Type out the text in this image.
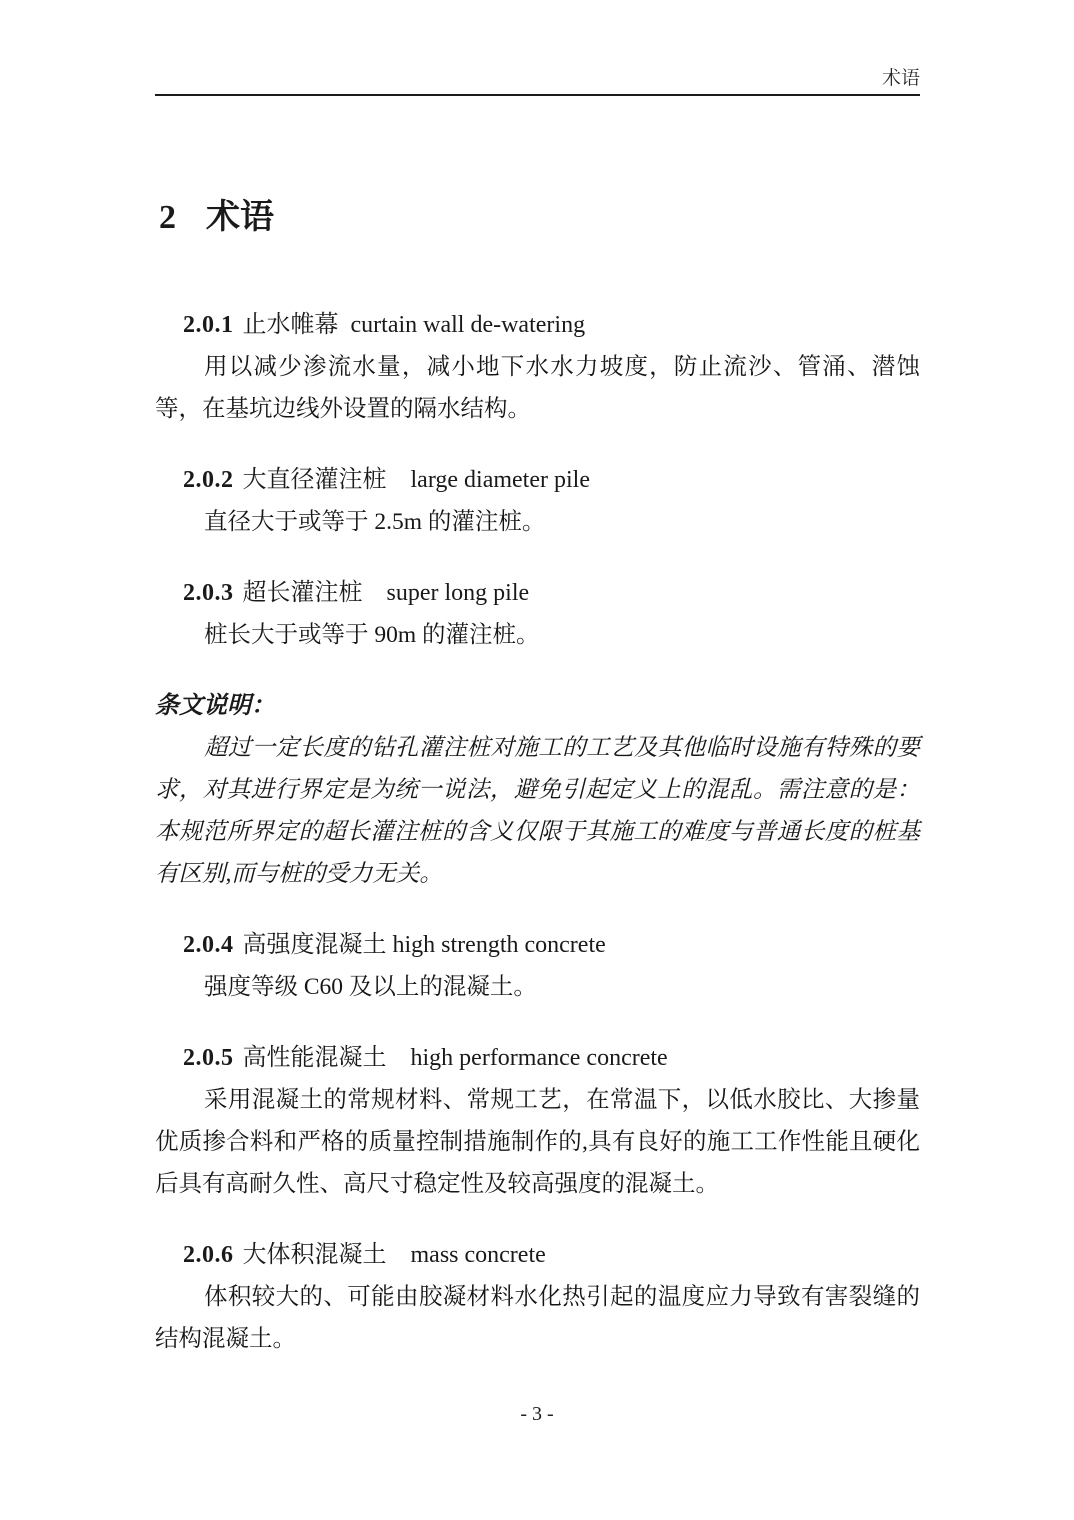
术语
2 术语
2.0.1 止水帷幕 curtain wall de-watering

用以减少渗流水量，减小地下水水力坡度，防止流沙、管涌、潜蚀等，在基坑边线外设置的隔水结构。

2.0.2 大直径灌注桩 large diameter pile

直径大于或等于 2.5m 的灌注桩。

2.0.3 超长灌注桩 super long pile

桩长大于或等于 90m 的灌注桩。

条文说明：

超过一定长度的钻孔灌注桩对施工的工艺及其他临时设施有特殊的要求，对其进行界定是为统一说法，避免引起定义上的混乱。需注意的是：本规范所界定的超长灌注桩的含义仅限于其施工的难度与普通长度的桩基有区别,而与桩的受力无关。

2.0.4 高强度混凝土 high strength concrete

强度等级 C60 及以上的混凝土。

2.0.5 高性能混凝土 high performance concrete

采用混凝土的常规材料、常规工艺，在常温下，以低水胶比、大掺量优质掺合料和严格的质量控制措施制作的,具有良好的施工工作性能且硬化后具有高耐久性、高尺寸稳定性及较高强度的混凝土。

2.0.6 大体积混凝土 mass concrete

体积较大的、可能由胶凝材料水化热引起的温度应力导致有害裂缝的结构混凝土。

- 3 -
